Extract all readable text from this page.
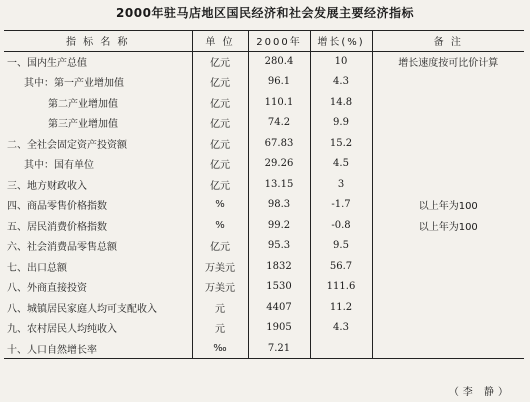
2000年驻马店地区国民经济和社会发展主要经济指标
指 标 名 称	单 位	2000年	增长(%)	备 注
一、国内生产总值	亿元	280.4	10	增长速度按可比价计算
其中：第一产业增加值	亿元	96.1	4.3	
第二产业增加值	亿元	110.1	14.8	
第三产业增加值	亿元	74.2	9.9	
二、全社会固定资产投资额	亿元	67.83	15.2	
其中：国有单位	亿元	29.26	4.5	
三、地方财政收入	亿元	13.15	3	
四、商品零售价格指数	%	98.3	-1.7	以上年为100
五、居民消费价格指数	%	99.2	-0.8	以上年为100
六、社会消费品零售总额	亿元	95.3	9.5	
七、出口总额	万美元	1832	56.7	
八、外商直接投资	万美元	1530	111.6	
八、城镇居民家庭人均可支配收入	元	4407	11.2	
九、农村居民人均纯收入	元	1905	4.3	
十、人口自然增长率	‰	7.21		
（李 静）
